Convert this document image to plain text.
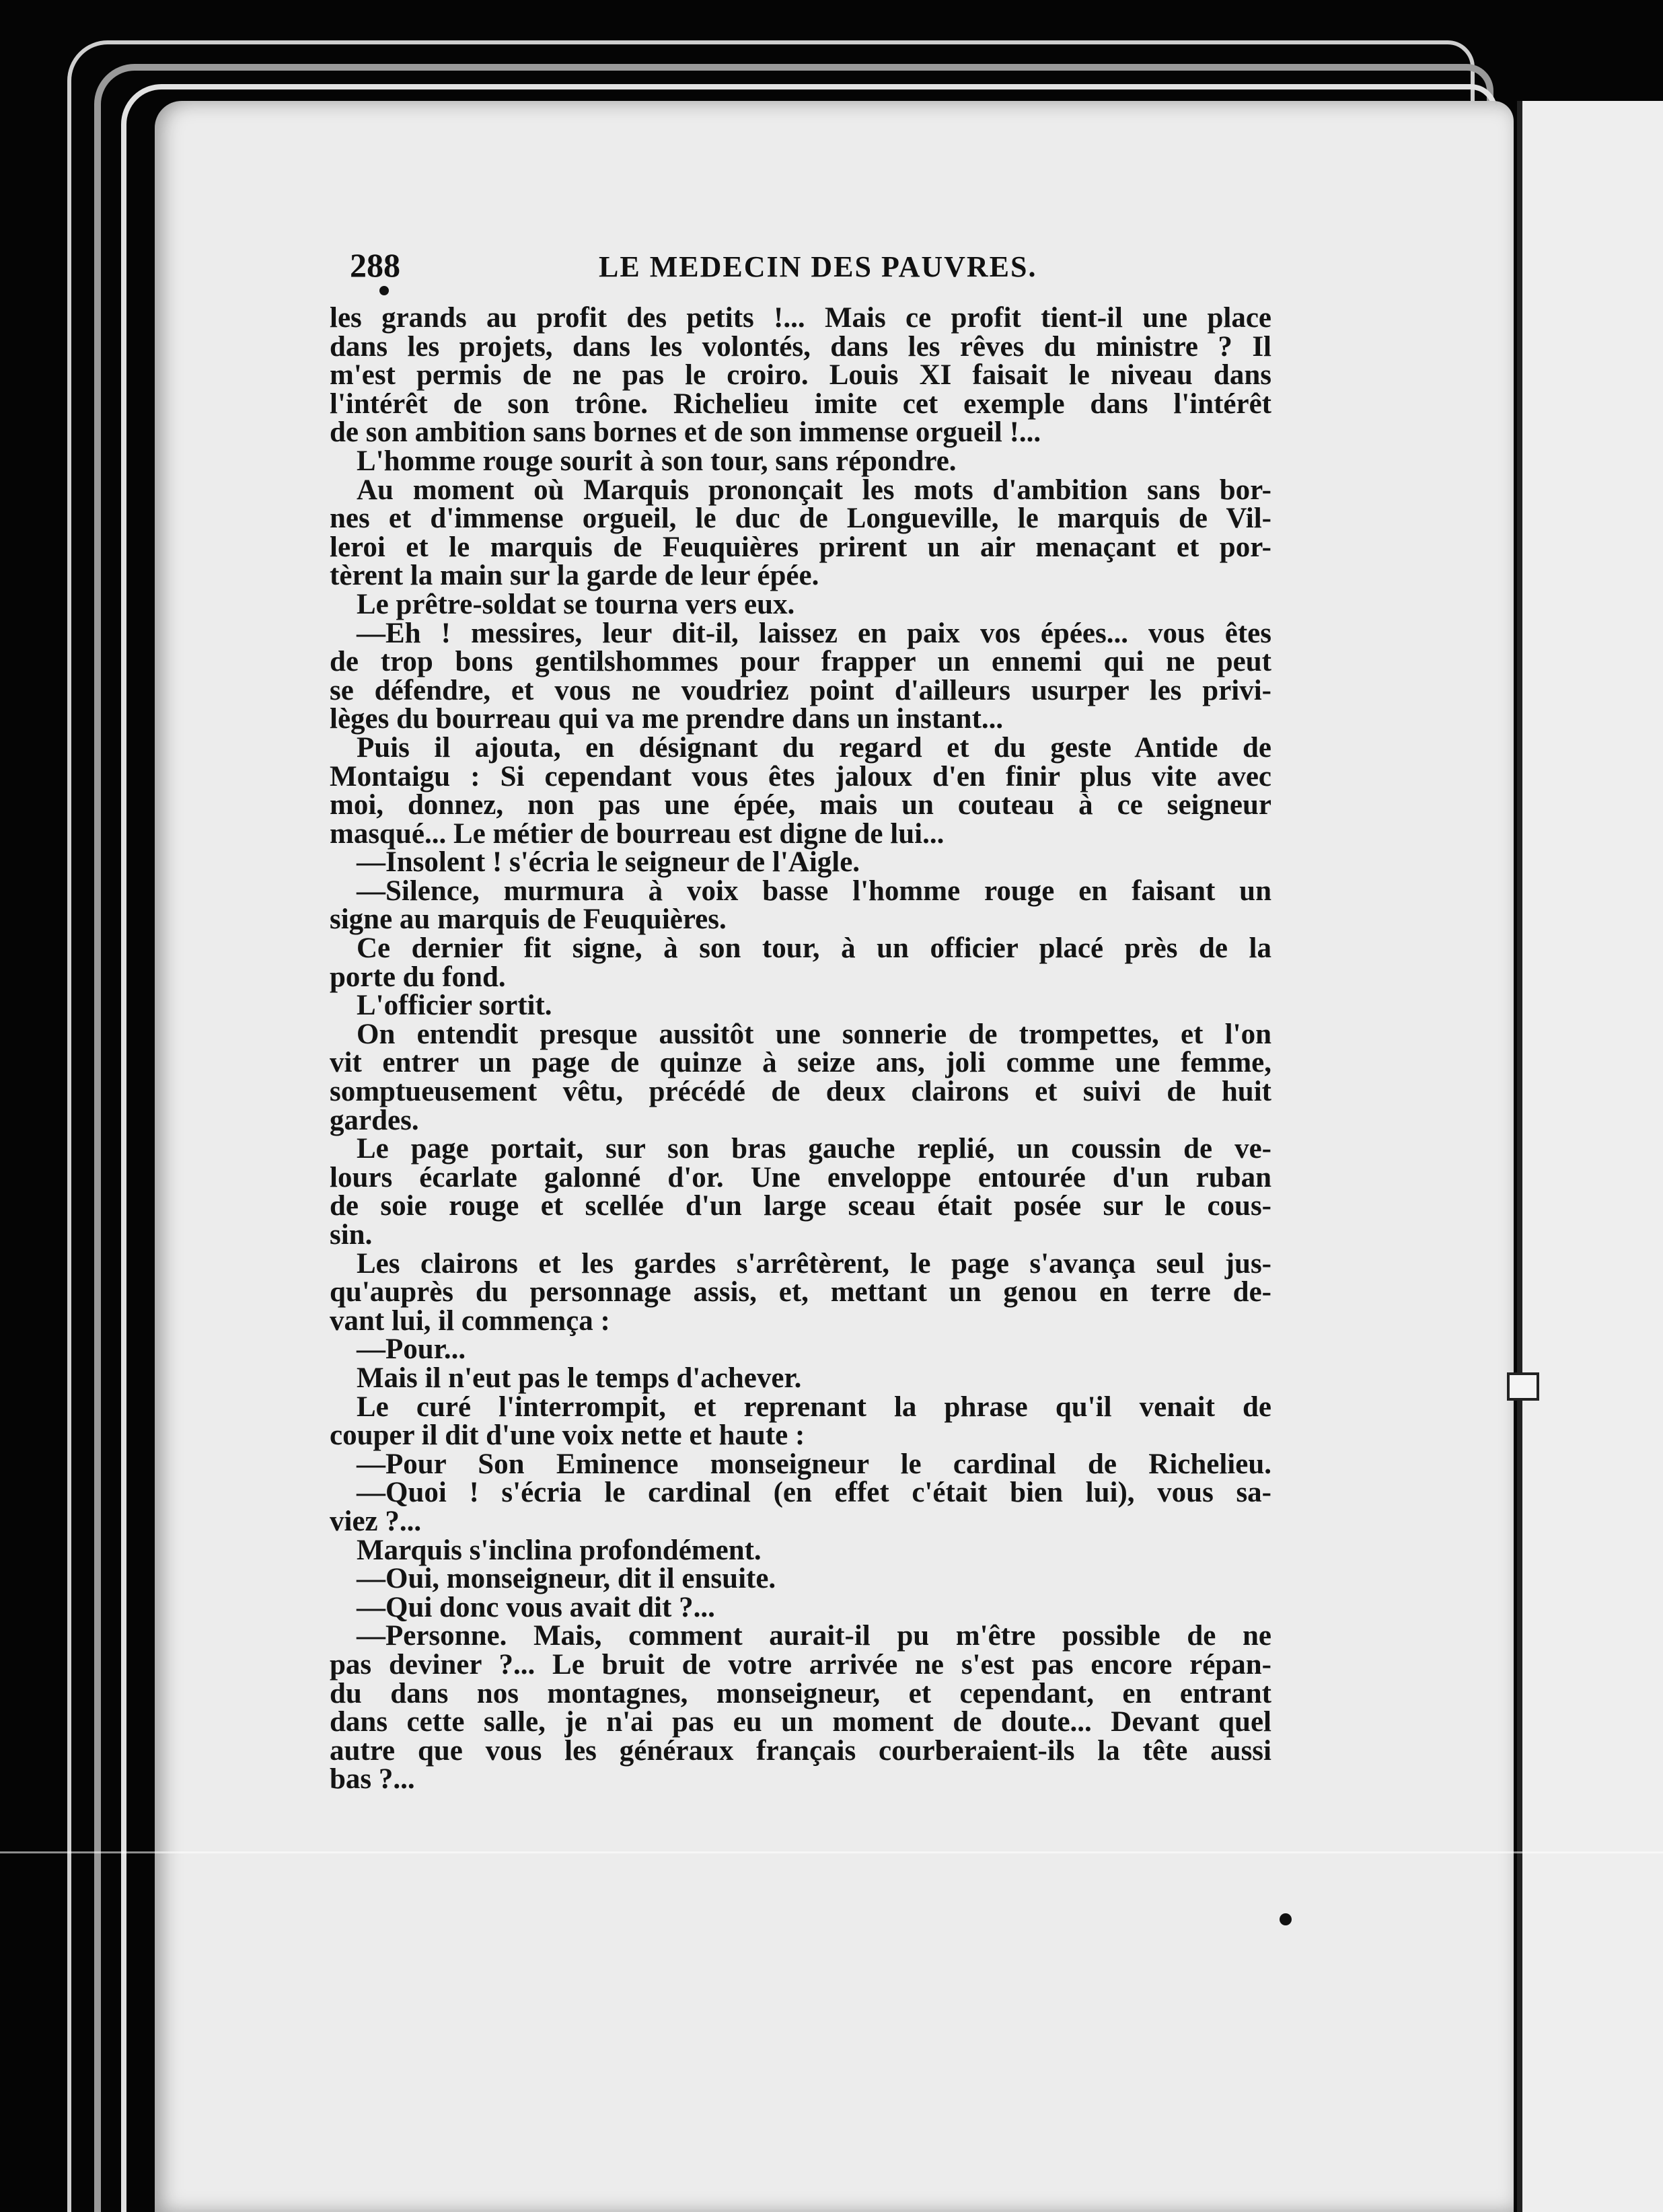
288	LE MEDECIN DES PAUVRES.
les grands au profit des petits !... Mais ce profit tient-il une place
dans les projets, dans les volontés, dans les rêves du ministre ? Il
m'est permis de ne pas le croiro. Louis XI faisait le niveau dans
l'intérêt de son trône. Richelieu imite cet exemple dans l'intérêt
de son ambition sans bornes et de son immense orgueil !...
L'homme rouge sourit à son tour, sans répondre.
Au moment où Marquis prononçait les mots d'ambition sans bor-
nes et d'immense orgueil, le duc de Longueville, le marquis de Vil-
leroi et le marquis de Feuquières prirent un air menaçant et por-
tèrent la main sur la garde de leur épée.
Le prêtre-soldat se tourna vers eux.
—Eh ! messires, leur dit-il, laissez en paix vos épées... vous êtes
de trop bons gentilshommes pour frapper un ennemi qui ne peut
se défendre, et vous ne voudriez point d'ailleurs usurper les privi-
lèges du bourreau qui va me prendre dans un instant...
Puis il ajouta, en désignant du regard et du geste Antide de
Montaigu : Si cependant vous êtes jaloux d'en finir plus vite avec
moi, donnez, non pas une épée, mais un couteau à ce seigneur
masqué... Le métier de bourreau est digne de lui...
—Insolent ! s'écria le seigneur de l'Aigle.
—Silence, murmura à voix basse l'homme rouge en faisant un
signe au marquis de Feuquières.
Ce dernier fit signe, à son tour, à un officier placé près de la
porte du fond.
L'officier sortit.
On entendit presque aussitôt une sonnerie de trompettes, et l'on
vit entrer un page de quinze à seize ans, joli comme une femme,
somptueusement vêtu, précédé de deux clairons et suivi de huit
gardes.
Le page portait, sur son bras gauche replié, un coussin de ve-
lours écarlate galonné d'or. Une enveloppe entourée d'un ruban
de soie rouge et scellée d'un large sceau était posée sur le cous-
sin.
Les clairons et les gardes s'arrêtèrent, le page s'avança seul jus-
qu'auprès du personnage assis, et, mettant un genou en terre de-
vant lui, il commença :
—Pour...
Mais il n'eut pas le temps d'achever.
Le curé l'interrompit, et reprenant la phrase qu'il venait de
couper il dit d'une voix nette et haute :
—Pour Son Eminence monseigneur le cardinal de Richelieu.
—Quoi ! s'écria le cardinal (en effet c'était bien lui), vous sa-
viez ?...
Marquis s'inclina profondément.
—Oui, monseigneur, dit il ensuite.
—Qui donc vous avait dit ?...
—Personne. Mais, comment aurait-il pu m'être possible de ne
pas deviner ?... Le bruit de votre arrivée ne s'est pas encore répan-
du dans nos montagnes, monseigneur, et cependant, en entrant
dans cette salle, je n'ai pas eu un moment de doute... Devant quel
autre que vous les généraux français courberaient-ils la tête aussi
bas ?...
